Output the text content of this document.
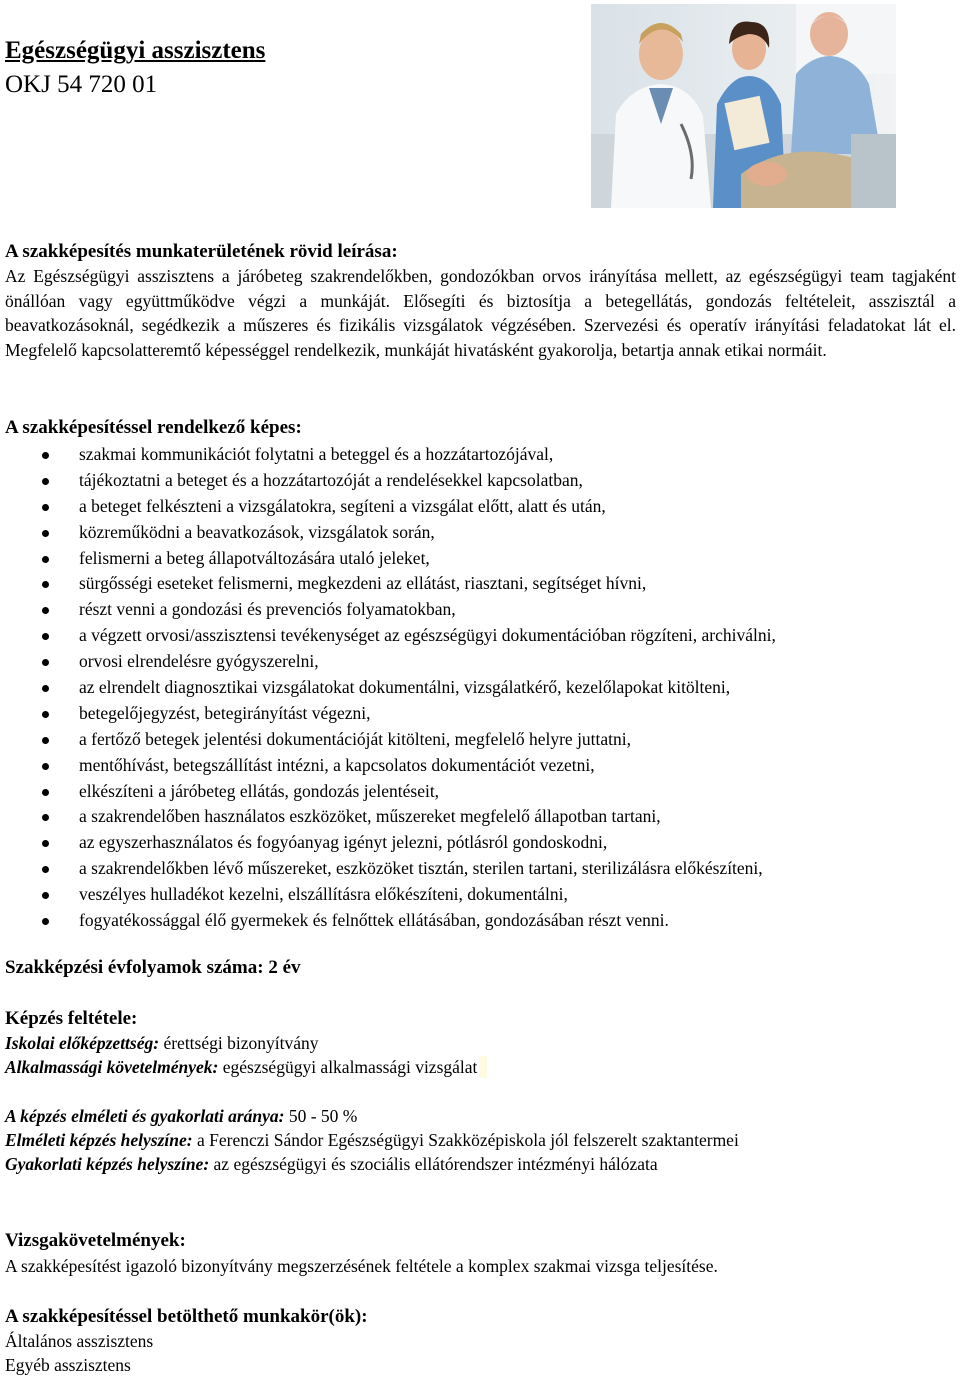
Egészségügyi asszisztens
OKJ 54 720 01
A szakképesítés munkaterületének rövid leírása:

Az Egészségügyi asszisztens a járóbeteg szakrendelőkben, gondozókban orvos irányítása mellett, az egészségügyi team tagjaként önállóan vagy együttműködve végzi a munkáját. Elősegíti és biztosítja a betegellátás, gondozás feltételeit, asszisztál a beavatkozásoknál, segédkezik a műszeres és fizikális vizsgálatok végzésében. Szervezési és operatív irányítási feladatokat lát el. Megfelelő kapcsolatteremtő képességgel rendelkezik, munkáját hivatásként gyakorolja, betartja annak etikai normáit.

A szakképesítéssel rendelkező képes:
szakmai kommunikációt folytatni a beteggel és a hozzátartozójával,
tájékoztatni a beteget és a hozzátartozóját a rendelésekkel kapcsolatban,
a beteget felkészteni a vizsgálatokra, segíteni a vizsgálat előtt, alatt és után,
közreműködni a beavatkozások, vizsgálatok során,
felismerni a beteg állapotváltozására utaló jeleket,
sürgősségi eseteket felismerni, megkezdeni az ellátást, riasztani, segítséget hívni,
részt venni a gondozási és prevenciós folyamatokban,
a végzett orvosi/asszisztensi tevékenységet az egészségügyi dokumentációban rögzíteni, archiválni,
orvosi elrendelésre gyógyszerelni,
az elrendelt diagnosztikai vizsgálatokat dokumentálni, vizsgálatkérő, kezelőlapokat kitölteni,
betegelőjegyzést, betegirányítást végezni,
a fertőző betegek jelentési dokumentációját kitölteni, megfelelő helyre juttatni,
mentőhívást, betegszállítást intézni, a kapcsolatos dokumentációt vezetni,
elkészíteni a járóbeteg ellátás, gondozás jelentéseit,
a szakrendelőben használatos eszközöket, műszereket megfelelő állapotban tartani,
az egyszerhasználatos és fogyóanyag igényt jelezni, pótlásról gondoskodni,
a szakrendelőkben lévő műszereket, eszközöket tisztán, sterilen tartani, sterilizálásra előkészíteni,
veszélyes hulladékot kezelni, elszállításra előkészíteni, dokumentálni,
fogyatékossággal élő gyermekek és felnőttek ellátásában, gondozásában részt venni.
Szakképzési évfolyamok száma: 2 év
Képzés feltétele:
Iskolai előképzettség: érettségi bizonyítvány
Alkalmassági követelmények: egészségügyi alkalmassági vizsgálat
A képzés elméleti és gyakorlati aránya: 50 - 50 %
Elméleti képzés helyszíne: a Ferenczi Sándor Egészségügyi Szakközépiskola jól felszerelt szaktantermei
Gyakorlati képzés helyszíne: az egészségügyi és szociális ellátórendszer intézményi hálózata
Vizsgakövetelmények:
A szakképesítést igazoló bizonyítvány megszerzésének feltétele a komplex szakmai vizsga teljesítése.
A szakképesítéssel betölthető munkakör(ök):
Általános asszisztens
Egyéb asszisztens
